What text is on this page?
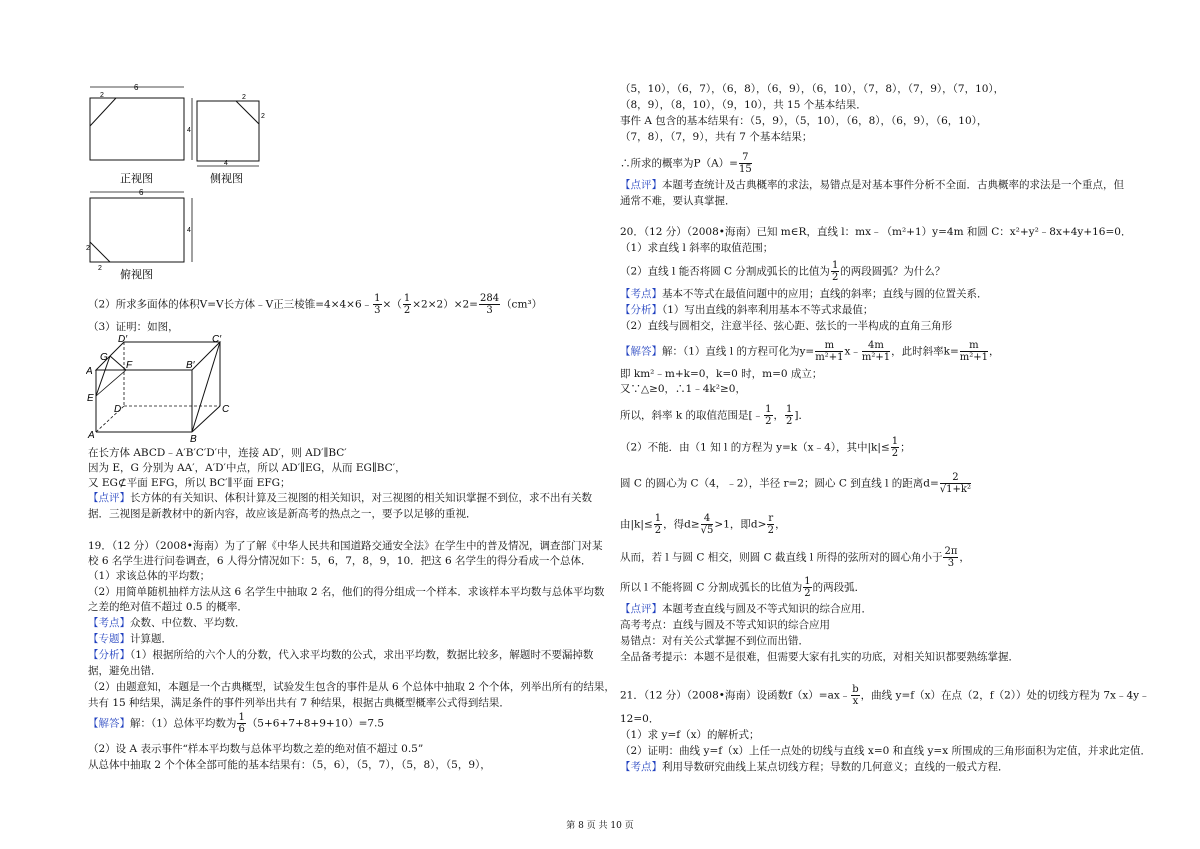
6
2
4
正视图
2
2
4
侧视图
6
4
2
2
俯视图
D′	C′
G
F
A
B′
E
D	C
A	B
（2）所求多面体的体积V=V长方体﹣V正三棱锥=4×4×6﹣ $\frac{1}{3}$ ×（ $\frac{1}{2} \times 2\times 2)\times 2= \frac{284}{3} (cm^3)$
（3）证明：如图，
在长方体 ABCD﹣A′B′C′D′中，连接 AD′，则 AD′∥BC′
因为 E，G 分别为 AA′，A′D′中点，所以 AD′∥EG，从而 EG∥BC′，
又 EG⊄平面 EFG，所以 BC′∥平面 EFG；
【点评】长方体的有关知识、体积计算及三视图的相关知识，对三视图的相关知识掌握不到位，求不出有关数
据．三视图是新教材中的新内容，故应该是新高考的热点之一，要予以足够的重视．
19．（12 分）（2008•海南）为了了解《中华人民共和国道路交通安全法》在学生中的普及情况，调查部门对某
校 6 名学生进行问卷调查，6 人得分情况如下：5，6，7，8，9，10．把这 6 名学生的得分看成一个总体．
（1）求该总体的平均数；
（2）用简单随机抽样方法从这 6 名学生中抽取 2 名，他们的得分组成一个样本．求该样本平均数与总体平均数
之差的绝对值不超过 0.5 的概率．
【考点】众数、中位数、平均数．
【专题】计算题．
【分析】（1）根据所给的六个人的分数，代入求平均数的公式，求出平均数，数据比较多，解题时不要漏掉数
据，避免出错．
（2）由题意知，本题是一个古典概型，试验发生包含的事件是从 6 个总体中抽取 2 个个体，列举出所有的结果，
共有 15 种结果，满足条件的事件列举出共有 7 种结果，根据古典概型概率公式得到结果．
【解答】解：（1）总体平均数为 $\frac{1}{6} (5+6+7+8+9+10)=7.5$
（2）设 A 表示事件“样本平均数与总体平均数之差的绝对值不超过 0.5”
从总体中抽取 2 个个体全部可能的基本结果有：（5，6），（5，7），（5，8），（5，9），
（5，10），（6，7），（6，8），（6，9），（6，10），（7，8），（7，9），（7，10），
（8，9），（8，10），（9，10），共 15 个基本结果．
事件 A 包含的基本结果有：（5，9），（5，10），（6，8），（6，9），（6，10），
（7，8），（7，9），共有 7 个基本结果；
∴所求的概率为$P(A)= \frac{7}{15}$
【点评】本题考查统计及古典概率的求法，易错点是对基本事件分析不全面．古典概率的求法是一个重点，但
通常不难，要认真掌握．
20．（12 分）（2008•海南）已知 m∈R，直线 l：mx﹣（m²+1）y=4m 和圆 C：x²+y²﹣8x+4y+16=0．
（1）求直线 l 斜率的取值范围；
（2）直线 l 能否将圆 C 分割成弧长的比值为 $\frac{1}{2}$ 的两段圆弧？为什么？
【考点】基本不等式在最值问题中的应用；直线的斜率；直线与圆的位置关系．
【分析】（1）写出直线的斜率利用基本不等式求最值；
（2）直线与圆相交，注意半径、弦心距、弦长的一半构成的直角三角形
【解答】解：（1）直线 l 的方程可化为$y= \frac{m}{\text{m²+1}}$ x﹣ $\frac{4m}{\text{m²+1}}$ ，此时斜率$k= \frac{m}{\text{m²+1}}$ ，
即 km²﹣m+k=0，k=0 时，m=0 成立；
又∵△≥0，∴1﹣4k²≥0，
所以，斜率 k 的取值范围是[﹣ $\frac{1}{2}$ ， $\frac{1}{2}$ ]．
（2）不能．由（1 知 l 的方程为 y=k（x﹣4），其中$|k|\le \frac{1}{2}$ ；
圆 C 的圆心为 C（4，﹣2），半径 r=2；圆心 C 到直线 l 的距离$d= \frac{2}{\text{√1+k²}}$
由$|k|\le \frac{1}{2}$ ，得$d\ge \frac{4}{√5} >1$，即$d> \frac{r}{2}$ ，
从而，若 l 与圆 C 相交，则圆 C 截直线 l 所得的弦所对的圆心角小于 $\frac{2\pi}{3}$ ，
所以 l 不能将圆 C 分割成弧长的比值为 $\frac{1}{2}$ 的两段弧．
【点评】本题考查直线与圆及不等式知识的综合应用．
高考考点：直线与圆及不等式知识的综合应用
易错点：对有关公式掌握不到位而出错．
全品备考提示：本题不是很难，但需要大家有扎实的功底，对相关知识都要熟练掌握．
21．（12 分）（2008•海南）设函数f（x）=ax﹣ $\frac{b}{x}$ ，曲线 y=f（x）在点（2，f（2））处的切线方程为 7x﹣4y﹣
12=0．
（1）求 y=f（x）的解析式；
（2）证明：曲线 y=f（x）上任一点处的切线与直线 x=0 和直线 y=x 所围成的三角形面积为定值，并求此定值．
【考点】利用导数研究曲线上某点切线方程；导数的几何意义；直线的一般式方程．
第 8 页 共 10 页
